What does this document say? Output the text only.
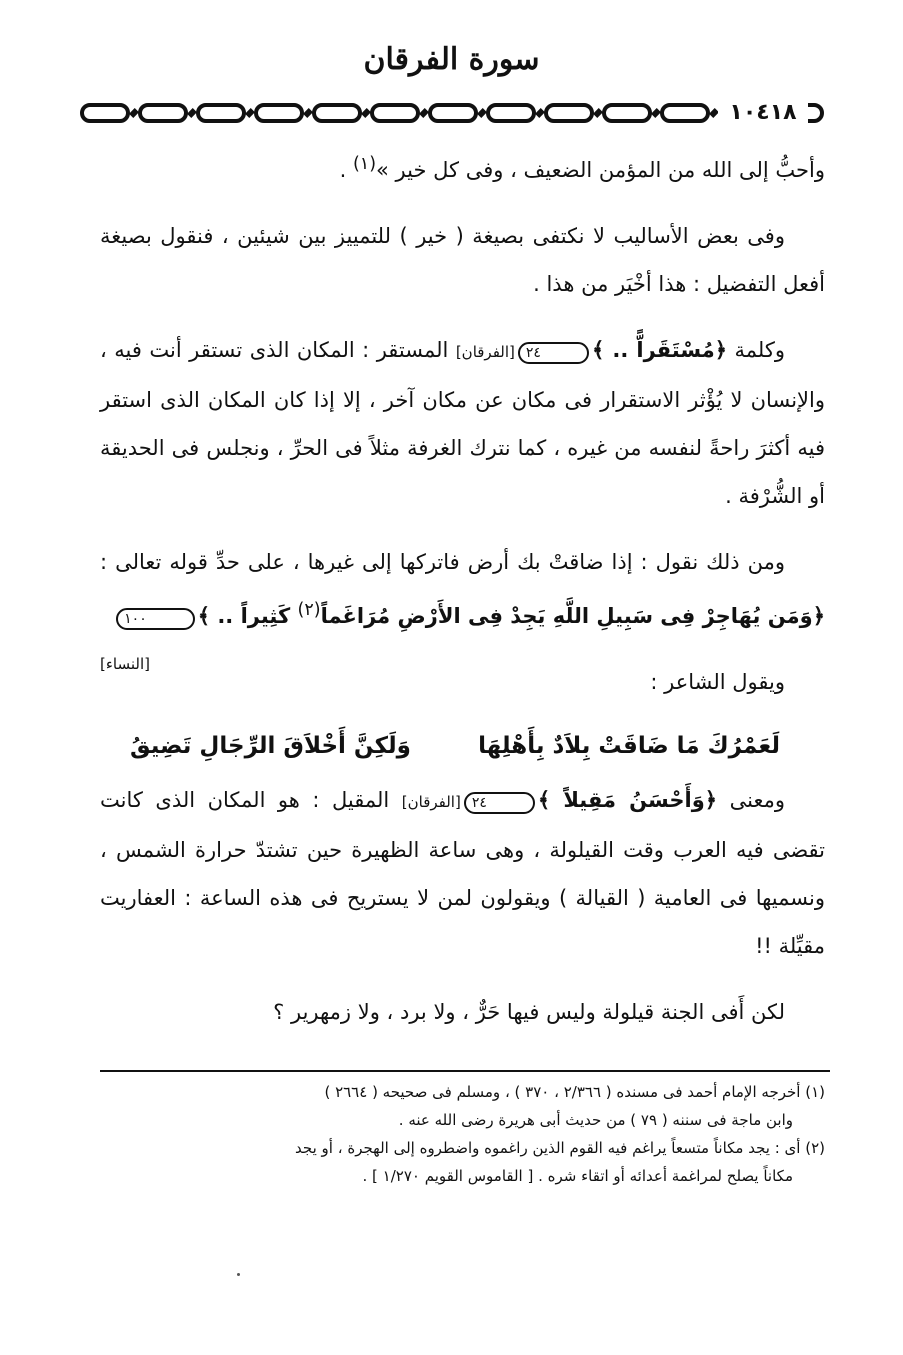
سورة الفرقان
١٠٤١٨

وأحبُّ إلى الله من المؤمن الضعيف ، وفى كل خير »$^{(١)}$ .

وفى بعض الأساليب لا نكتفى بصيغة ( خير ) للتمييز بين شيئين ، فنقول بصيغة أفعل التفضيل : هذا أخْيَر من هذا .

وكلمة ﴿مُسْتَقَراًّ .. ﴾٢٤[الفرقان] المستقر : المكان الذى تستقر أنت فيه ، والإنسان لا يُؤْثر الاستقرار فى مكان عن مكان آخر ، إلا إذا كان المكان الذى استقر فيه أكثرَ راحةً لنفسه من غيره ، كما نترك الغرفة مثلاً فى الحرِّ ، ونجلس فى الحديقة أو الشُّرْفة .

ومن ذلك نقول : إذا ضاقتْ بك أرض فاتركها إلى غيرها ، على حدِّ قوله تعالى : ﴿وَمَن يُهَاجِرْ فِى سَبِيلِ اللَّهِ يَجِدْ فِى الأَرْضِ مُرَاغَماً$^{(٢)}$ كَثِيراً .. ﴾١٠٠
[النساء]

ويقول الشاعر :

لَعَمْرُكَ مَا ضَاقَتْ بِلاَدٌ بِأَهْلِهَا
وَلَكِنَّ أَخْلاَقَ الرِّجَالِ تَضِيقُ

ومعنى ﴿وَأَحْسَنُ مَقِيلاً ﴾٢٤[الفرقان] المقيل : هو المكان الذى كانت تقضى فيه العرب وقت القيلولة ، وهى ساعة الظهيرة حين تشتدّ حرارة الشمس ، ونسميها فى العامية ( القيالة ) ويقولون لمن لا يستريح فى هذه الساعة : العفاريت مقيِّلة !!

لكن أَفى الجنة قيلولة وليس فيها حَرٌّ ، ولا برد ، ولا زمهرير ؟

(١) أخرجه الإمام أحمد فى مسنده ( ٢/٣٦٦ ، ٣٧٠ ) ، ومسلم فى صحيحه ( ٢٦٦٤ )

وابن ماجة فى سننه ( ٧٩ ) من حديث أبى هريرة رضى الله عنه .

(٢) أى : يجد مكاناً متسعاً يراغم فيه القوم الذين راغموه واضطروه إلى الهجرة ، أو يجد

مكاناً يصلح لمراغمة أعدائه أو اتقاء شره . [ القاموس القويم ١/٢٧٠ ] .
